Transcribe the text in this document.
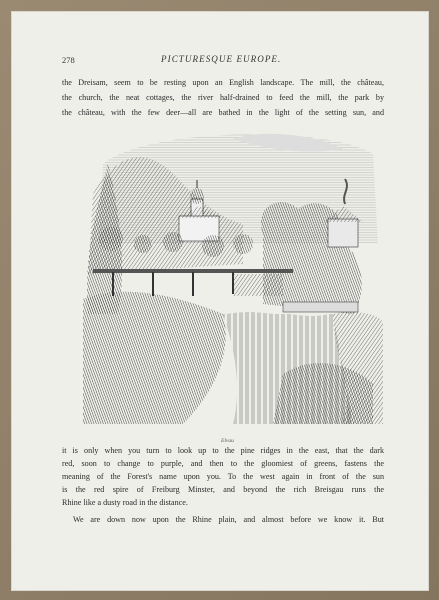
278	PICTURESQUE EUROPE.
the Dreisam, seem to be resting upon an English landscape. The mill, the château,
the church, the neat cottages, the river half-drained to feed the mill, the park by
the château, with the few deer—all are bathed in the light of the setting sun, and
Elvau
it is only when you turn to look up to the pine ridges in the east, that the dark
red, soon to change to purple, and then to the gloomiest of greens, fastens the
meaning of the Forest's name upon you. To the west again in front of the sun
is the red spire of Freiburg Minster, and beyond the rich Breisgau runs the
Rhine like a dusty road in the distance.
We are down now upon the Rhine plain, and almost before we know it. But
